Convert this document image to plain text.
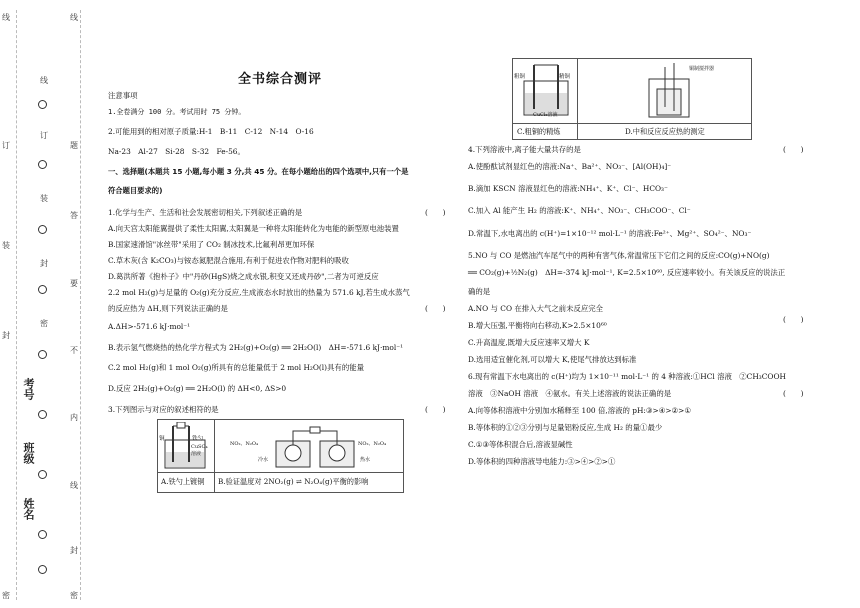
姓名
班级
考号
线
订
装
封
密
线
订
装
封
密
线
题
答
要
不
内
线
封
密
全书综合测评
注意事项
1.全卷满分 100 分。考试用时 75 分钟。
2.可能用到的相对原子质量:H-1　B-11　C-12　N-14　O-16
Na-23　Al-27　Si-28　S-32　Fe-56。
一、选择题(本题共 15 小题,每小题 3 分,共 45 分。在每小题给出的四个选项中,只有一个是
符合题目要求的)
1.化学与生产、生活和社会发展密切相关,下列叙述正确的是	(　　)
A.向天宫太阳能翼提供了柔性太阳翼,太阳翼是一种将太阳能转化为电能的新型原电池装置
B.国家速滑馆"冰丝带"采用了 CO₂ 制冰技术,比氟利昂更加环保
C.草木灰(含 K₂CO₃)与铵态氮肥混合施用,有利于促进农作物对肥料的吸收
D.葛洪所著《抱朴子》中"丹砂(HgS)烧之成水银,积变又还成丹砂",二者为可逆反应
2.2 mol H₂(g)与足量的 O₂(g)充分反应,生成液态水时放出的热量为 571.6 kJ,若生成水蒸气
的反应热为 ΔH,则下列说法正确的是	(　　)
A.ΔH>-571.6 kJ·mol⁻¹
B.表示氢气燃烧热的热化学方程式为 2H₂(g)+O₂(g) ══ 2H₂O(l)　ΔH=-571.6 kJ·mol⁻¹
C.2 mol H₂(g)和 1 mol O₂(g)所具有的总能量低于 2 mol H₂O(l)具有的能量
D.反应 2H₂(g)+O₂(g) ══ 2H₂O(l) 的 ΔH<0, ΔS>0
3.下列图示与对应的叙述相符的是	(　　)
铜	铁勺
CuSO₄溶液
NO₂、N₂O₄	NO₂、N₂O₄
冷水	热水
A.铁勺上镀铜 B.验证温度对 2NO₂(g) ⇌ N₂O₄(g)平衡的影响
粗铜	精铜
CuCl₂溶液
铜制搅拌器
C.粗铜的精炼	D.中和反应反应热的测定
4.下列溶液中,离子能大量共存的是	(　　)
A.使酚酞试剂显红色的溶液:Na⁺、Ba²⁺、NO₃⁻、[Al(OH)₄]⁻
B.滴加 KSCN 溶液显红色的溶液:NH₄⁺、K⁺、Cl⁻、HCO₃⁻
C.加入 Al 能产生 H₂ 的溶液:K⁺、NH₄⁺、NO₃⁻、CH₃COO⁻、Cl⁻
D.常温下,水电离出的 c(H⁺)=1×10⁻¹² mol·L⁻¹ 的溶液:Fe²⁺、Mg²⁺、SO₄²⁻、NO₃⁻
5.NO 与 CO 是燃油汽车尾气中的两种有害气体,常温常压下它们之间的反应:CO(g)+NO(g)
══ CO₂(g)+½N₂(g)　ΔH=-374 kJ·mol⁻¹, K=2.5×10⁶⁰, 反应速率较小。有关该反应的说法正
确的是
(　　)
A.NO 与 CO 在排入大气之前未反应完全
B.增大压强,平衡将向右移动,K>2.5×10⁶⁰
C.升高温度,既增大反应速率又增大 K
D.选用适宜催化剂,可以增大 K,使尾气排放达到标准
6.现有常温下水电离出的 c(H⁺)均为 1×10⁻¹¹ mol·L⁻¹ 的 4 种溶液:①HCl 溶液　②CH₃COOH
溶液　③NaOH 溶液　④氨水。有关上述溶液的说法正确的是	(　　)
A.向等体积溶液中分别加水稀释至 100 倍,溶液的 pH:③>④>②>①
B.等体积的①②③分别与足量铝粉反应,生成 H₂ 的量①最少
C.①③等体积混合后,溶液显碱性
D.等体积的四种溶液导电能力:③>④>②>①
